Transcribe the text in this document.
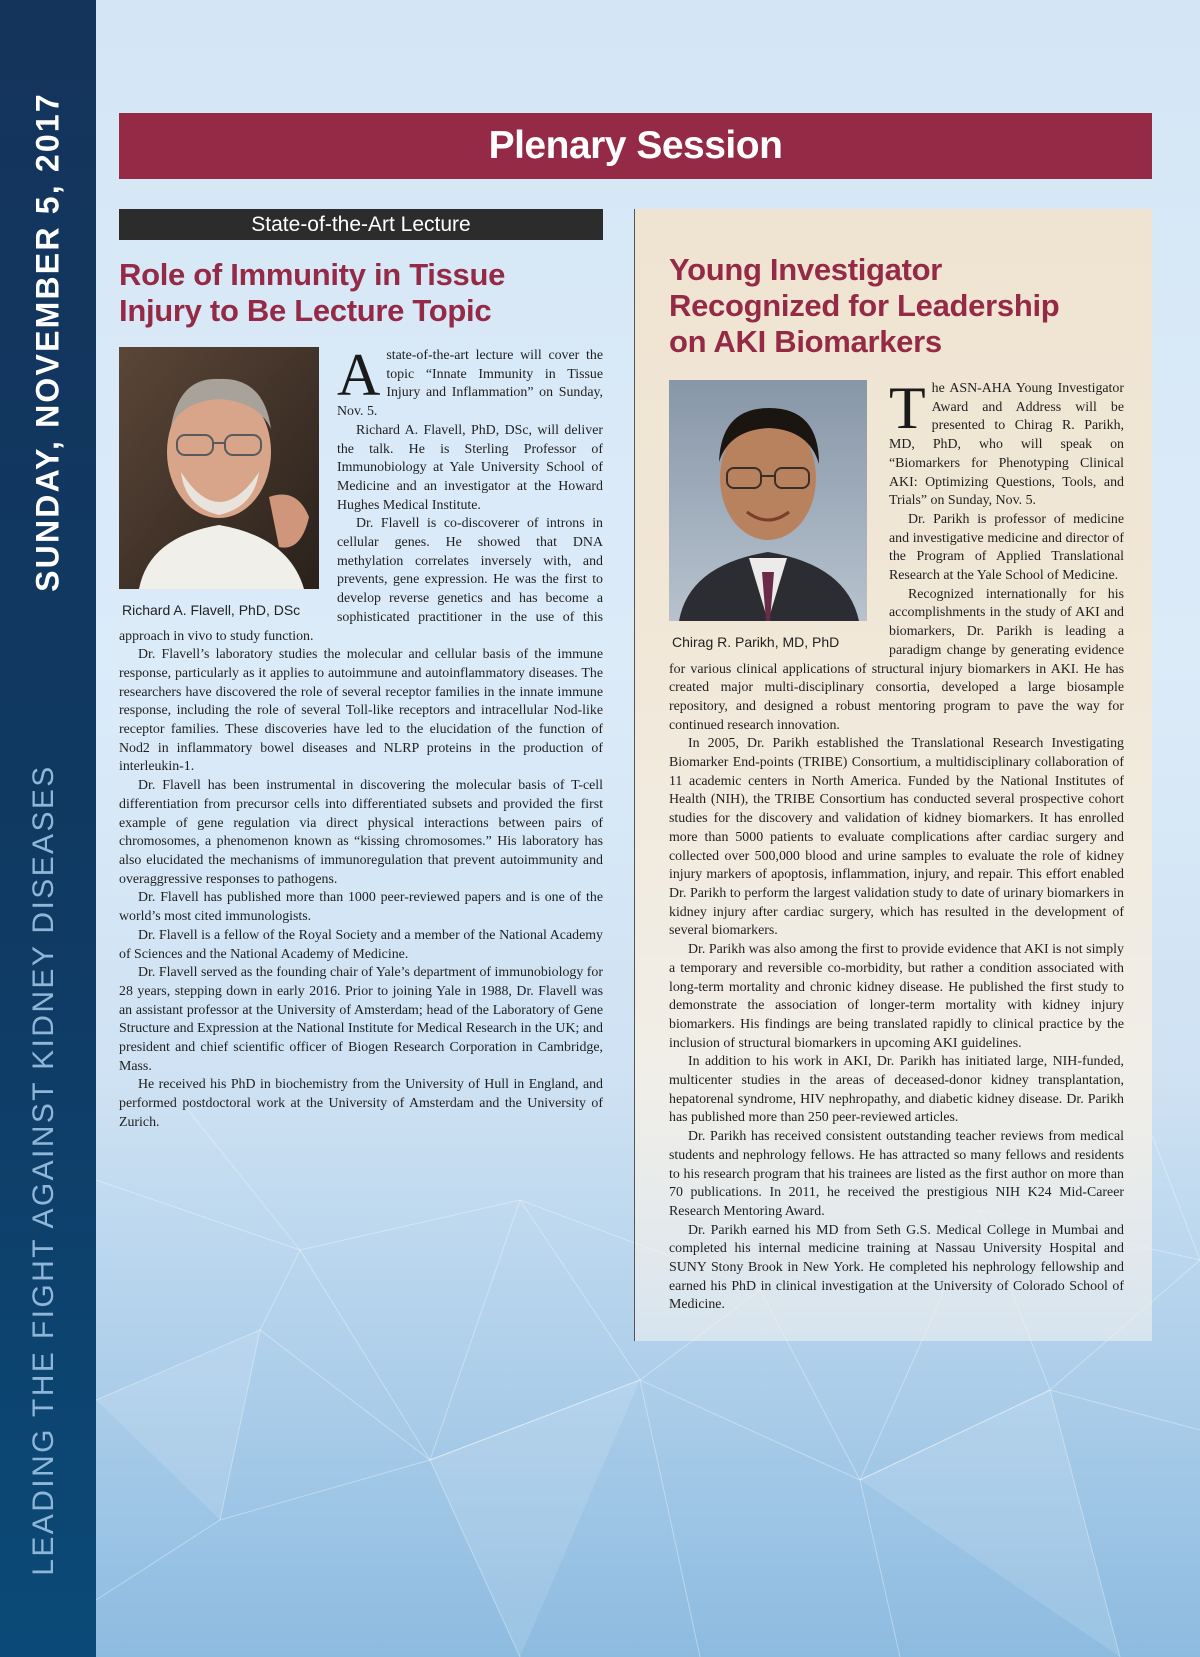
SUNDAY, NOVEMBER 5, 2017
LEADING THE FIGHT AGAINST KIDNEY DISEASES
Plenary Session
State-of-the-Art Lecture
Role of Immunity in Tissue
Injury to Be Lecture Topic
Richard A. Flavell, PhD, DSc

Astate-of-the-art lecture will cover the topic “Innate Immunity in Tissue Injury and Inflammation” on Sunday, Nov. 5.

Richard A. Flavell, PhD, DSc, will deliver the talk. He is Sterling Professor of Immunobiology at Yale University School of Medicine and an investigator at the Howard Hughes Medical Institute.

Dr. Flavell is co-discoverer of introns in cellular genes. He showed that DNA methylation correlates inversely with, and prevents, gene expression. He was the first to develop reverse genetics and has become a sophisticated practitioner in the use of this approach in vivo to study function.

Dr. Flavell’s laboratory studies the molecular and cellular basis of the immune response, particularly as it applies to autoimmune and autoinflammatory diseases. The researchers have discovered the role of several receptor families in the innate immune response, including the role of several Toll-like receptors and intracellular Nod-like receptor families. These discoveries have led to the elucidation of the function of Nod2 in inflammatory bowel diseases and NLRP proteins in the production of interleukin-1.

Dr. Flavell has been instrumental in discovering the molecular basis of T-cell differentiation from precursor cells into differentiated subsets and provided the first example of gene regulation via direct physical interactions between pairs of chromosomes, a phenomenon known as “kissing chromosomes.” His laboratory has also elucidated the mechanisms of immunoregulation that prevent autoimmunity and overaggressive responses to pathogens.

Dr. Flavell has published more than 1000 peer-reviewed papers and is one of the world’s most cited immunologists.

Dr. Flavell is a fellow of the Royal Society and a member of the National Academy of Sciences and the National Academy of Medicine.

Dr. Flavell served as the founding chair of Yale’s department of immunobiology for 28 years, stepping down in early 2016. Prior to joining Yale in 1988, Dr. Flavell was an assistant professor at the University of Amsterdam; head of the Laboratory of Gene Structure and Expression at the National Institute for Medical Research in the UK; and president and chief scientific officer of Biogen Research Corporation in Cambridge, Mass.

He received his PhD in biochemistry from the University of Hull in England, and performed postdoctoral work at the University of Amsterdam and the University of Zurich.

Young Investigator
Recognized for Leadership
on AKI Biomarkers
Chirag R. Parikh, MD, PhD

The ASN-AHA Young Investigator Award and Address will be presented to Chirag R. Parikh, MD, PhD, who will speak on “Biomarkers for Phenotyping Clinical AKI: Optimizing Questions, Tools, and Trials” on Sunday, Nov. 5.

Dr. Parikh is professor of medicine and investigative medicine and director of the Program of Applied Translational Research at the Yale School of Medicine.

Recognized internationally for his accomplishments in the study of AKI and biomarkers, Dr. Parikh is leading a paradigm change by generating evidence for various clinical applications of structural injury biomarkers in AKI. He has created major multi-disciplinary consortia, developed a large biosample repository, and designed a robust mentoring program to pave the way for continued research innovation.

In 2005, Dr. Parikh established the Translational Research Investigating Biomarker End-points (TRIBE) Consortium, a multidisciplinary collaboration of 11 academic centers in North America. Funded by the National Institutes of Health (NIH), the TRIBE Consortium has conducted several prospective cohort studies for the discovery and validation of kidney biomarkers. It has enrolled more than 5000 patients to evaluate complications after cardiac surgery and collected over 500,000 blood and urine samples to evaluate the role of kidney injury markers of apoptosis, inflammation, injury, and repair. This effort enabled Dr. Parikh to perform the largest validation study to date of urinary biomarkers in kidney injury after cardiac surgery, which has resulted in the development of several biomarkers.

Dr. Parikh was also among the first to provide evidence that AKI is not simply a temporary and reversible co-morbidity, but rather a condition associated with long-term mortality and chronic kidney disease. He published the first study to demonstrate the association of longer-term mortality with kidney injury biomarkers. His findings are being translated rapidly to clinical practice by the inclusion of structural biomarkers in upcoming AKI guidelines.

In addition to his work in AKI, Dr. Parikh has initiated large, NIH-funded, multicenter studies in the areas of deceased-donor kidney transplantation, hepatorenal syndrome, HIV nephropathy, and diabetic kidney disease. Dr. Parikh has published more than 250 peer-reviewed articles.

Dr. Parikh has received consistent outstanding teacher reviews from medical students and nephrology fellows. He has attracted so many fellows and residents to his research program that his trainees are listed as the first author on more than 70 publications. In 2011, he received the prestigious NIH K24 Mid-Career Research Mentoring Award.

Dr. Parikh earned his MD from Seth G.S. Medical College in Mumbai and completed his internal medicine training at Nassau University Hospital and SUNY Stony Brook in New York. He completed his nephrology fellowship and earned his PhD in clinical investigation at the University of Colorado School of Medicine.
